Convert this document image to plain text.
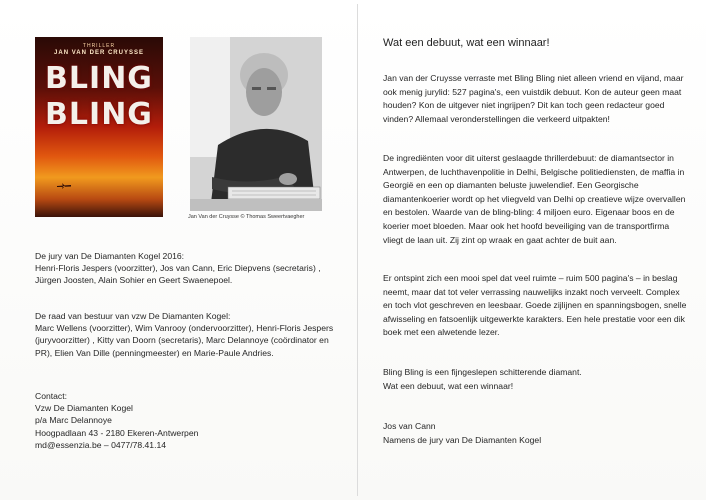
THRILLER
JAN VAN DER CRUYSSE
BLING
BLING
Jan Van der Cruysse © Thomas Sweertvaegher

De jury van De Diamanten Kogel 2016:

Henri-Floris Jespers (voorzitter), Jos van Cann, Eric Diepvens (secretaris) , Jürgen Joosten, Alain Sohier en Geert Swaenepoel.

De raad van bestuur van vzw De Diamanten Kogel:

Marc Wellens (voorzitter), Wim Vanrooy (ondervoorzitter), Henri-Floris Jespers (juryvoorzitter) , Kitty van Doorn (secretaris), Marc Delannoye (coördinator en PR), Elien Van Dille (penningmeester) en Marie-Paule Andries.

Contact:

Vzw De Diamanten Kogel

p/a Marc Delannoye

Hoogpadlaan 43 - 2180 Ekeren-Antwerpen

md@essenzia.be – 0477/78.41.14

Wat een debuut, wat een winnaar!

Jan van der Cruysse verraste met Bling Bling niet alleen vriend en vijand, maar ook menig jurylid: 527 pagina's, een vuistdik debuut. Kon de auteur geen maat houden? Kon de uitgever niet ingrijpen? Dit kan toch geen redacteur goed vinden? Allemaal veronderstellingen die verkeerd uitpakten!

De ingrediënten voor dit uiterst geslaagde thrillerdebuut: de diamantsector in Antwerpen, de luchthavenpolitie in Delhi, Belgische politiediensten, de maffia in Georgië en een op diamanten beluste juwelendief. Een Georgische diamantenkoerier wordt op het vliegveld van Delhi op creatieve wijze overvallen en bestolen. Waarde van de bling-bling: 4 miljoen euro. Eigenaar boos en de koerier moet bloeden. Maar ook het hoofd beveiliging van de transportfirma vliegt de laan uit. Zij zint op wraak en gaat achter de buit aan.

Er ontspint zich een mooi spel dat veel ruimte – ruim 500 pagina's – in beslag neemt, maar dat tot veler verrassing nauwelijks inzakt noch verveelt. Complex en toch vlot geschreven en leesbaar. Goede zijlijnen en spanningsbogen, snelle afwisseling en fatsoenlijk uitgewerkte karakters. Een hele prestatie voor een dik boek met een alwetende lezer.

Bling Bling is een fijngeslepen schitterende diamant.
Wat een debuut, wat een winnaar!
Jos van Cann
Namens de jury van De Diamanten Kogel
